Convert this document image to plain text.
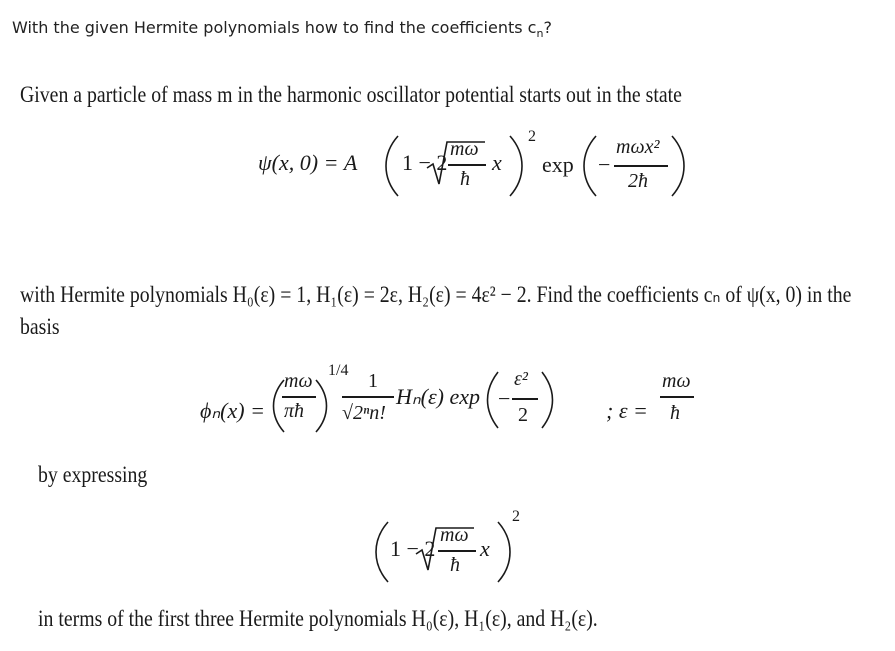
With the given Hermite polynomials how to find the coefficients $c_n$?
Given a particle of mass m in the harmonic oscillator potential starts out in the state
ψ(x, 0) = A 1 − 2
mω
ħ
x
2
exp −
mωx²
2ħ
with Hermite polynomials H₀(ε) = 1, H₁(ε) = 2ε, H₂(ε) = 4ε² − 2. Find the coefficients cₙ of ψ(x, 0) in the
basis
ϕₙ(x) =
mω
πħ
1/4 1
√2ⁿn!
Hₙ(ε) exp −
ε²
2	; ε =
mω
ħ
by expressing
1 − 2
mω
ħ
x
2
in terms of the first three Hermite polynomials H₀(ε), H₁(ε), and H₂(ε).
